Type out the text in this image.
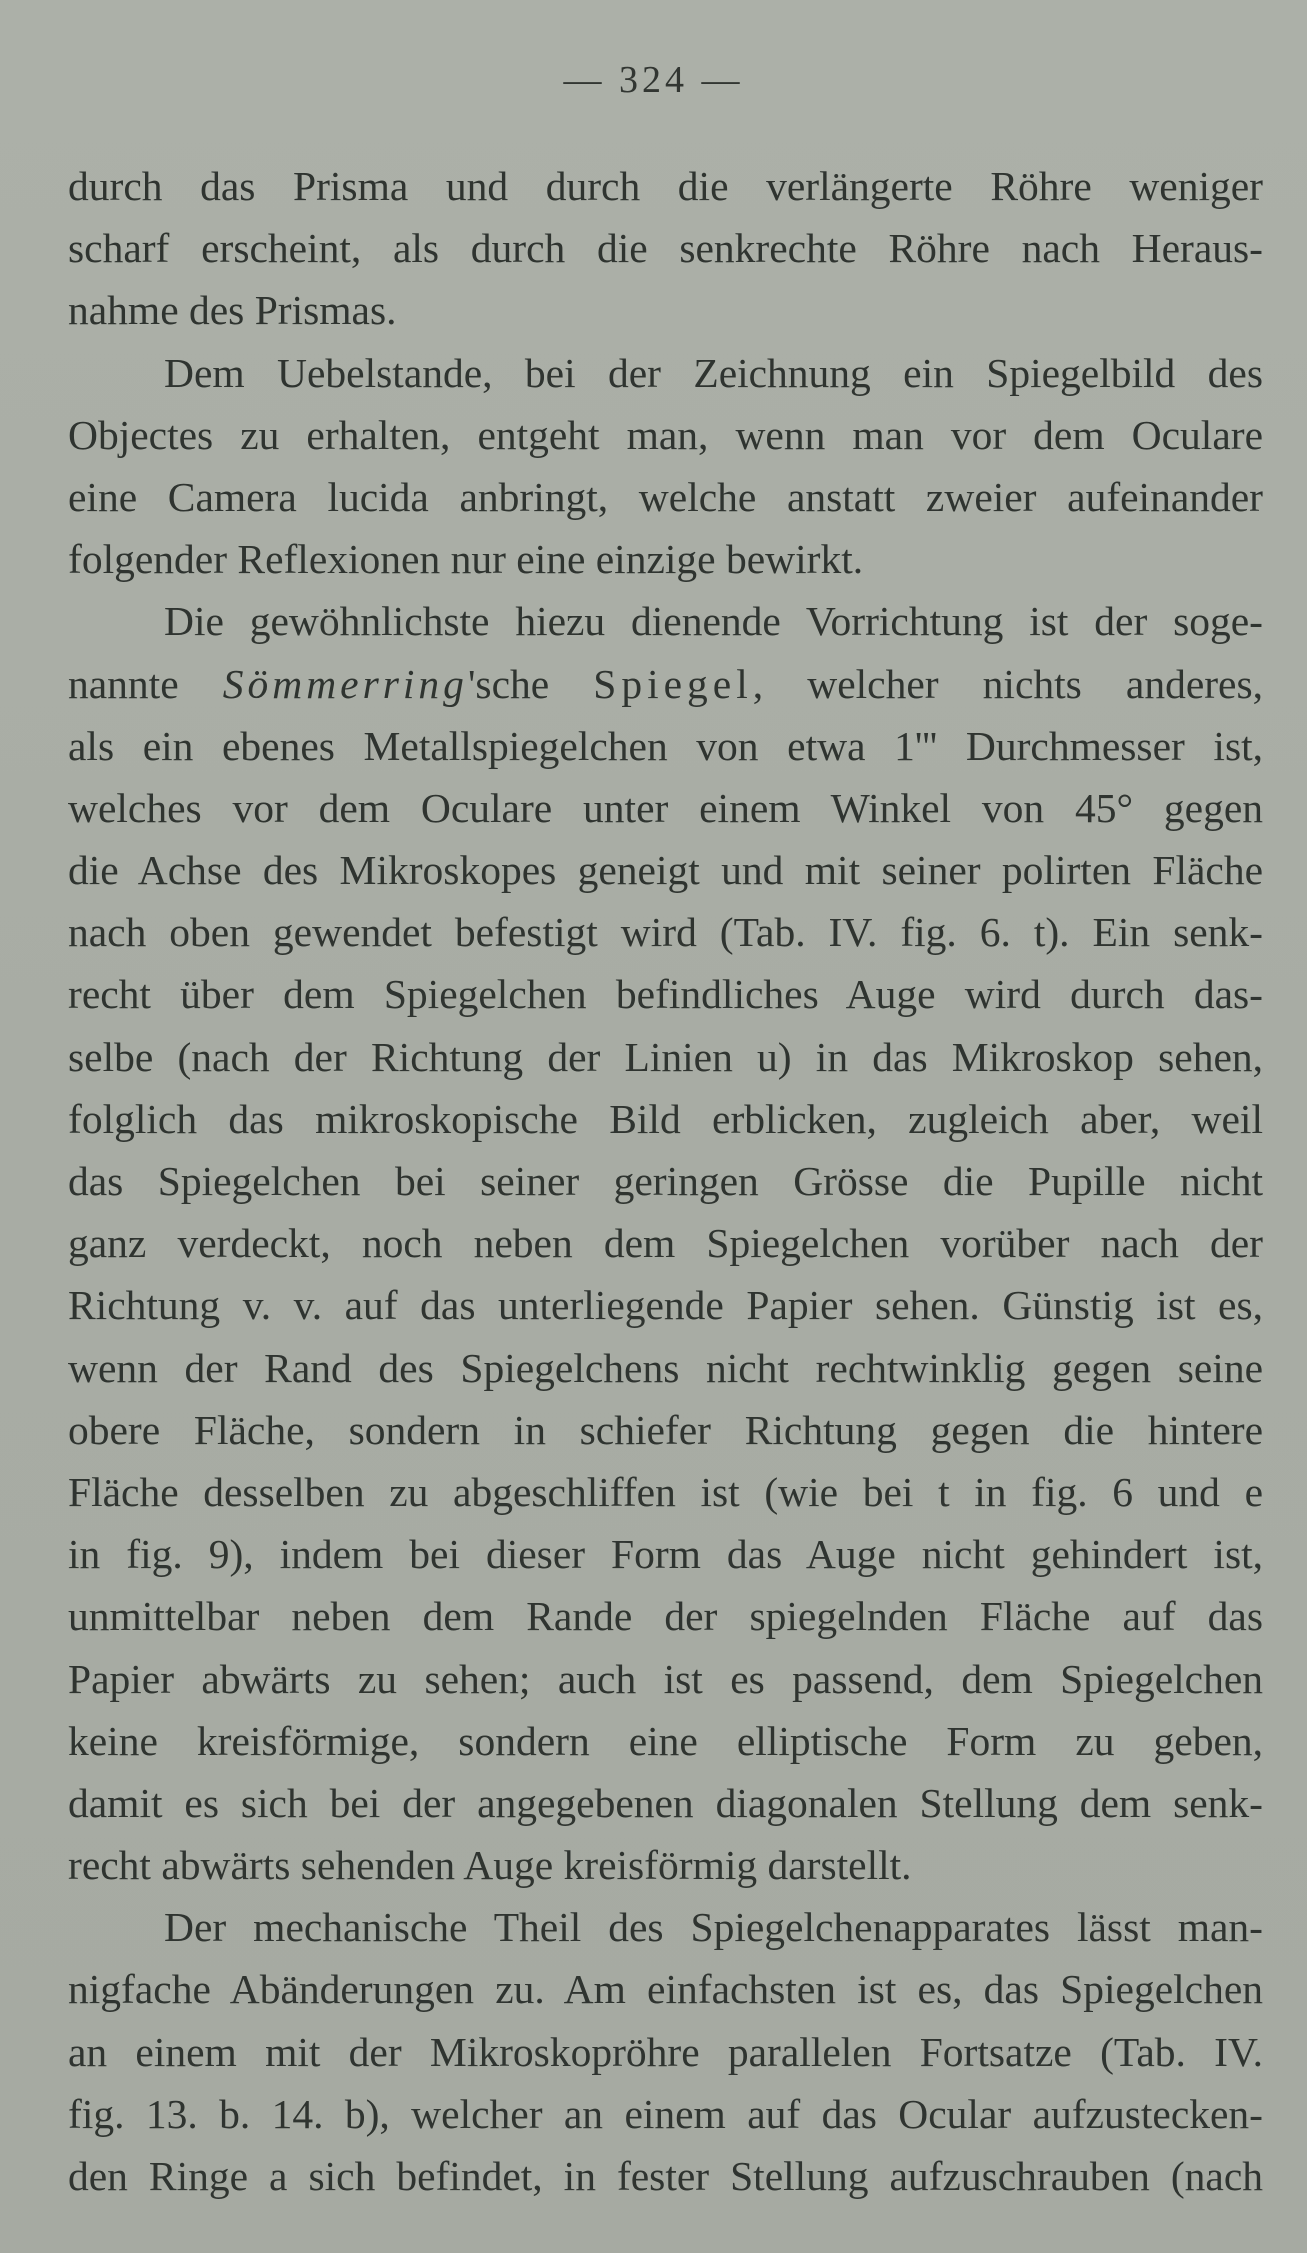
— 324 —
durch das Prisma und durch die verlängerte Röhre weniger
scharf erscheint, als durch die senkrechte Röhre nach Heraus-
nahme des Prismas.
Dem Uebelstande, bei der Zeichnung ein Spiegelbild des
Objectes zu erhalten, entgeht man, wenn man vor dem Oculare
eine Camera lucida anbringt, welche anstatt zweier aufeinander
folgender Reflexionen nur eine einzige bewirkt.
Die gewöhnlichste hiezu dienende Vorrichtung ist der soge-
nannte Sömmerring'sche Spiegel, welcher nichts anderes,
als ein ebenes Metallspiegelchen von etwa 1''' Durchmesser ist,
welches vor dem Oculare unter einem Winkel von 45° gegen
die Achse des Mikroskopes geneigt und mit seiner polirten Fläche
nach oben gewendet befestigt wird (Tab. IV. fig. 6. t). Ein senk-
recht über dem Spiegelchen befindliches Auge wird durch das-
selbe (nach der Richtung der Linien u) in das Mikroskop sehen,
folglich das mikroskopische Bild erblicken, zugleich aber, weil
das Spiegelchen bei seiner geringen Grösse die Pupille nicht
ganz verdeckt, noch neben dem Spiegelchen vorüber nach der
Richtung v. v. auf das unterliegende Papier sehen. Günstig ist es,
wenn der Rand des Spiegelchens nicht rechtwinklig gegen seine
obere Fläche, sondern in schiefer Richtung gegen die hintere
Fläche desselben zu abgeschliffen ist (wie bei t in fig. 6 und e
in fig. 9), indem bei dieser Form das Auge nicht gehindert ist,
unmittelbar neben dem Rande der spiegelnden Fläche auf das
Papier abwärts zu sehen; auch ist es passend, dem Spiegelchen
keine kreisförmige, sondern eine elliptische Form zu geben,
damit es sich bei der angegebenen diagonalen Stellung dem senk-
recht abwärts sehenden Auge kreisförmig darstellt.
Der mechanische Theil des Spiegelchenapparates lässt man-
nigfache Abänderungen zu. Am einfachsten ist es, das Spiegelchen
an einem mit der Mikroskopröhre parallelen Fortsatze (Tab. IV.
fig. 13. b. 14. b), welcher an einem auf das Ocular aufzustecken-
den Ringe a sich befindet, in fester Stellung aufzuschrauben (nach
